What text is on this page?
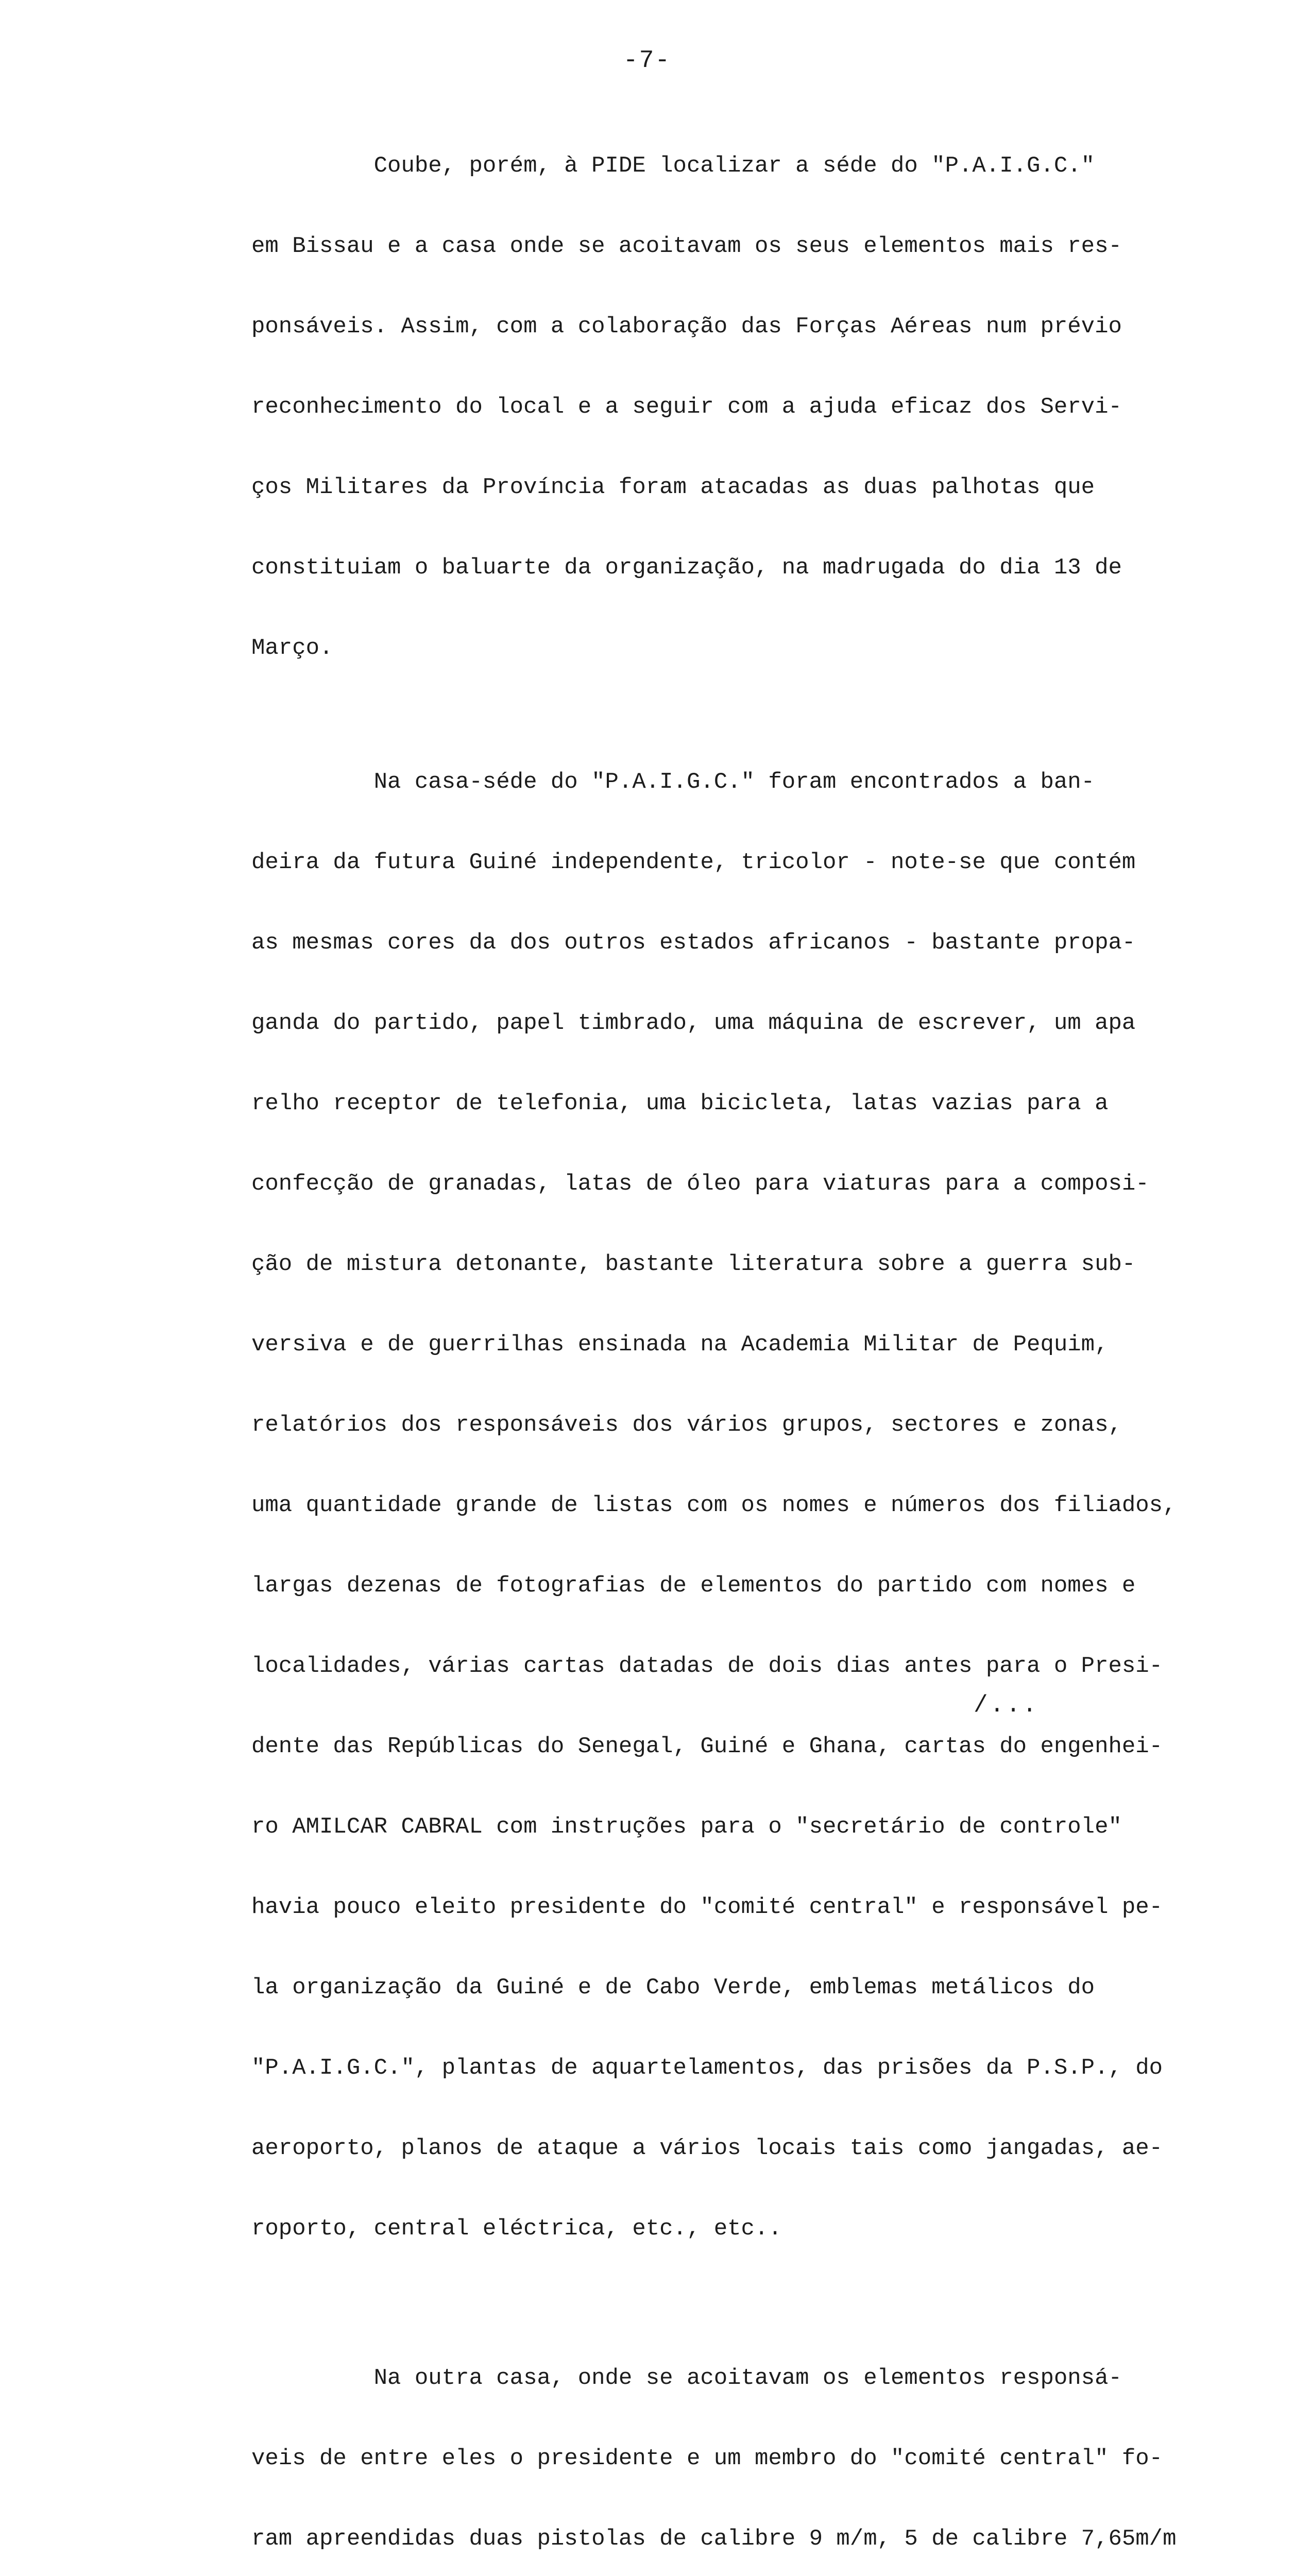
-7-

Coube, porém, à PIDE localizar a séde do "P.A.I.G.C."

em Bissau e a casa onde se acoitavam os seus elementos mais res-

ponsáveis. Assim, com a colaboração das Forças Aéreas num prévio

reconhecimento do local e a seguir com a ajuda eficaz dos Servi-

ços Militares da Província foram atacadas as duas palhotas que

constituiam o baluarte da organização, na madrugada do dia 13 de

Março.

Na casa-séde do "P.A.I.G.C." foram encontrados a ban-

deira da futura Guiné independente, tricolor - note-se que contém

as mesmas cores da dos outros estados africanos - bastante propa-

ganda do partido, papel timbrado, uma máquina de escrever, um apa

relho receptor de telefonia, uma bicicleta, latas vazias para a

confecção de granadas, latas de óleo para viaturas para a composi-

ção de mistura detonante, bastante literatura sobre a guerra sub-

versiva e de guerrilhas ensinada na Academia Militar de Pequim,

relatórios dos responsáveis dos vários grupos, sectores e zonas,

uma quantidade grande de listas com os nomes e números dos filiados,

largas dezenas de fotografias de elementos do partido com nomes e

localidades, várias cartas datadas de dois dias antes para o Presi-

dente das Repúblicas do Senegal, Guiné e Ghana, cartas do engenhei-

ro AMILCAR CABRAL com instruções para o "secretário de controle"

havia pouco eleito presidente do "comité central" e responsável pe-

la organização da Guiné e de Cabo Verde, emblemas metálicos do

"P.A.I.G.C.", plantas de aquartelamentos, das prisões da P.S.P., do

aeroporto, planos de ataque a vários locais tais como jangadas, ae-

roporto, central eléctrica, etc., etc..

Na outra casa, onde se acoitavam os elementos responsá-

veis de entre eles o presidente e um membro do "comité central" fo-

ram apreendidas duas pistolas de calibre 9 m/m, 5 de calibre 7,65m/m

/...
